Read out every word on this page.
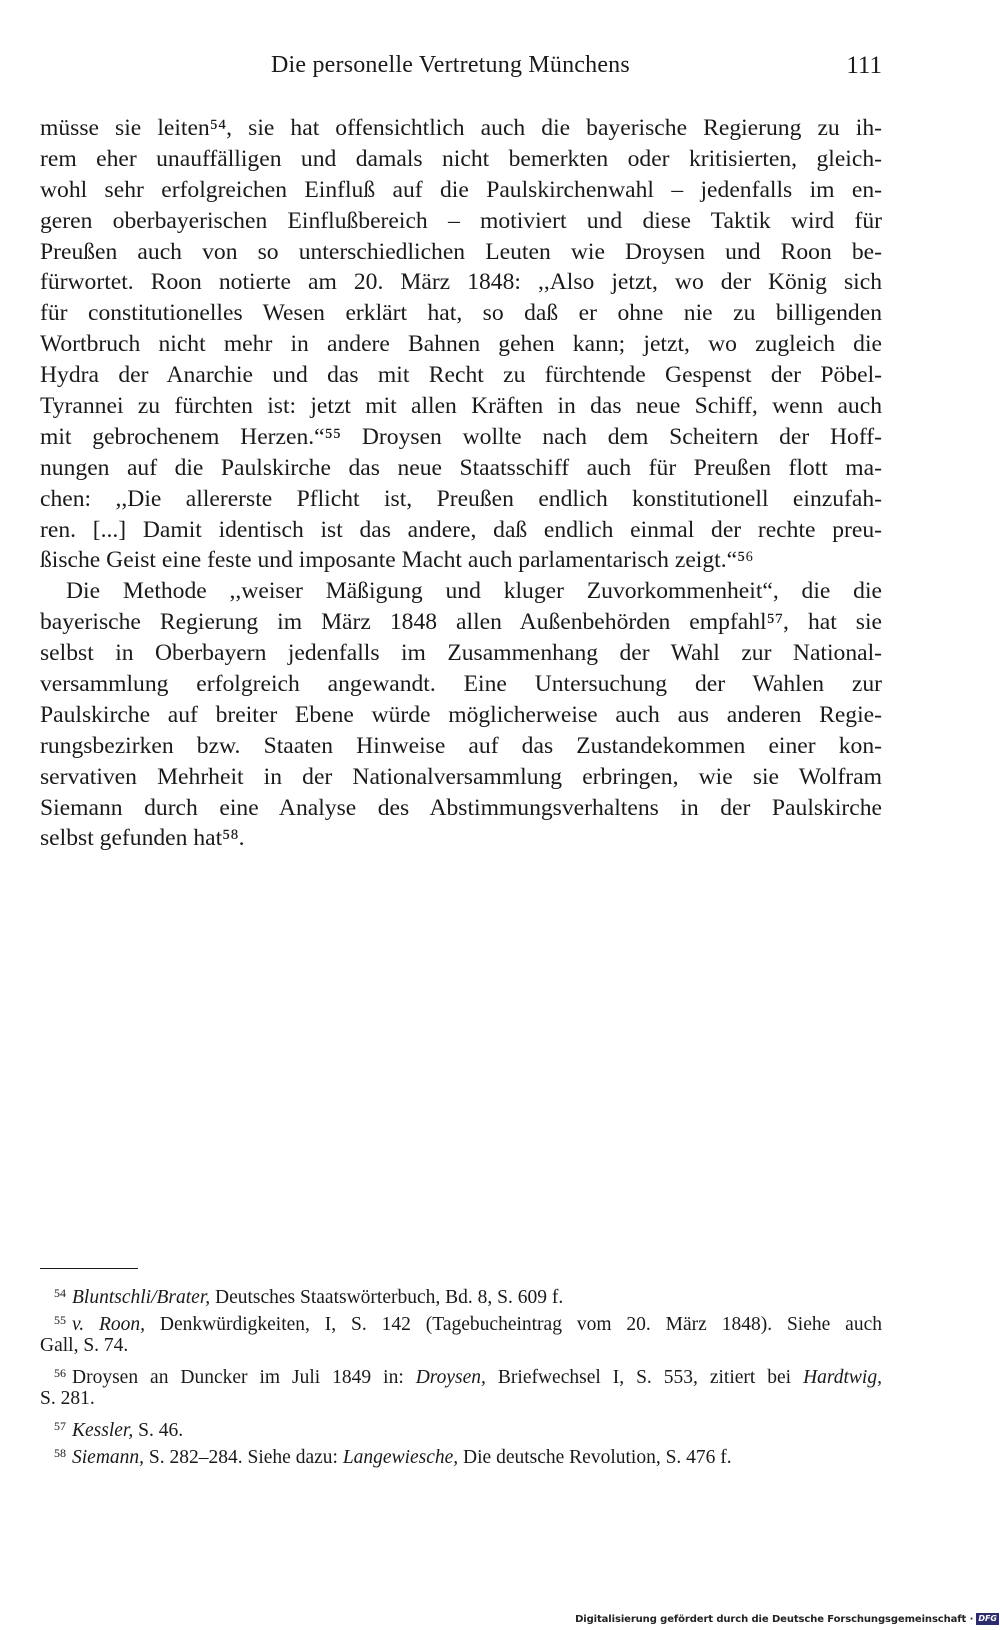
Die personelle Vertretung Münchens	111
müsse sie leiten⁵⁴, sie hat offensichtlich auch die bayerische Regierung zu ih-
rem eher unauffälligen und damals nicht bemerkten oder kritisierten, gleich-
wohl sehr erfolgreichen Einfluß auf die Paulskirchenwahl – jedenfalls im en-
geren oberbayerischen Einflußbereich – motiviert und diese Taktik wird für
Preußen auch von so unterschiedlichen Leuten wie Droysen und Roon be-
fürwortet. Roon notierte am 20. März 1848: ,,Also jetzt, wo der König sich
für constitutionelles Wesen erklärt hat, so daß er ohne nie zu billigenden
Wortbruch nicht mehr in andere Bahnen gehen kann; jetzt, wo zugleich die
Hydra der Anarchie und das mit Recht zu fürchtende Gespenst der Pöbel-
Tyrannei zu fürchten ist: jetzt mit allen Kräften in das neue Schiff, wenn auch
mit gebrochenem Herzen.“⁵⁵ Droysen wollte nach dem Scheitern der Hoff-
nungen auf die Paulskirche das neue Staatsschiff auch für Preußen flott ma-
chen: ,,Die allererste Pflicht ist, Preußen endlich konstitutionell einzufah-
ren. [...] Damit identisch ist das andere, daß endlich einmal der rechte preu-
ßische Geist eine feste und imposante Macht auch parlamentarisch zeigt.“⁵⁶
Die Methode ,,weiser Mäßigung und kluger Zuvorkommenheit“, die die
bayerische Regierung im März 1848 allen Außenbehörden empfahl⁵⁷, hat sie
selbst in Oberbayern jedenfalls im Zusammenhang der Wahl zur National-
versammlung erfolgreich angewandt. Eine Untersuchung der Wahlen zur
Paulskirche auf breiter Ebene würde möglicherweise auch aus anderen Regie-
rungsbezirken bzw. Staaten Hinweise auf das Zustandekommen einer kon-
servativen Mehrheit in der Nationalversammlung erbringen, wie sie Wolfram
Siemann durch eine Analyse des Abstimmungsverhaltens in der Paulskirche
selbst gefunden hat⁵⁸.
$^{54}$ Bluntschli/Brater, Deutsches Staatswörterbuch, Bd. 8, S. 609 f.
$^{55}$ v. Roon, Denkwürdigkeiten, I, S. 142 (Tagebucheintrag vom 20. März 1848). Siehe auch
Gall, S. 74.
$^{56}$ Droysen an Duncker im Juli 1849 in: Droysen, Briefwechsel I, S. 553, zitiert bei Hardtwig,
S. 281.
$^{57}$ Kessler, S. 46.
$^{58}$ Siemann, S. 282–284. Siehe dazu: Langewiesche, Die deutsche Revolution, S. 476 f.
Digitalisierung gefördert durch die Deutsche Forschungsgemeinschaft · DFG
